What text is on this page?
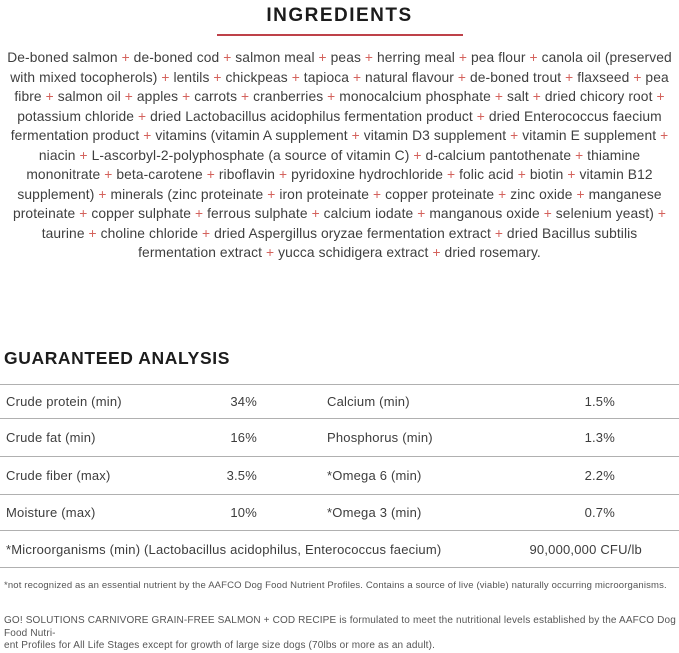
INGREDIENTS
De-boned salmon + de-boned cod + salmon meal + peas + herring meal + pea flour + canola oil (preserved with mixed tocopherols) + lentils + chickpeas + tapioca + natural flavour + de-boned trout + flaxseed + pea fibre + salmon oil + apples + carrots + cranberries + monocalcium phosphate + salt + dried chicory root + potassium chloride + dried Lactobacillus acidophilus fermentation product + dried Enterococcus faecium fermentation product + vitamins (vitamin A supplement + vitamin D3 supplement + vitamin E supplement + niacin + L-ascorbyl-2-polyphosphate (a source of vitamin C) + d-calcium pantothenate + thiamine mononitrate + beta-carotene + riboflavin + pyridoxine hydrochloride + folic acid + biotin + vitamin B12 supplement) + minerals (zinc proteinate + iron proteinate + copper proteinate + zinc oxide + manganese proteinate + copper sulphate + ferrous sulphate + calcium iodate + manganous oxide + selenium yeast) + taurine + choline chloride + dried Aspergillus oryzae fermentation extract + dried Bacillus subtilis fermentation extract + yucca schidigera extract + dried rosemary.
GUARANTEED ANALYSIS
Crude protein (min)	34%	Calcium (min)	1.5%
Crude fat (min)	16%	Phosphorus (min)	1.3%
Crude fiber (max)	3.5%	*Omega 6 (min)	2.2%
Moisture (max)	10%	*Omega 3 (min)	0.7%
*Microorganisms (min) (Lactobacillus acidophilus, Enterococcus faecium)	90,000,000 CFU/lb
*not recognized as an essential nutrient by the AAFCO Dog Food Nutrient Profiles. Contains a source of live (viable) naturally occurring microorganisms.
GO! SOLUTIONS CARNIVORE GRAIN-FREE SALMON + COD RECIPE is formulated to meet the nutritional levels established by the AAFCO Dog Food Nutri-
ent Profiles for All Life Stages except for growth of large size dogs (70lbs or more as an adult).
